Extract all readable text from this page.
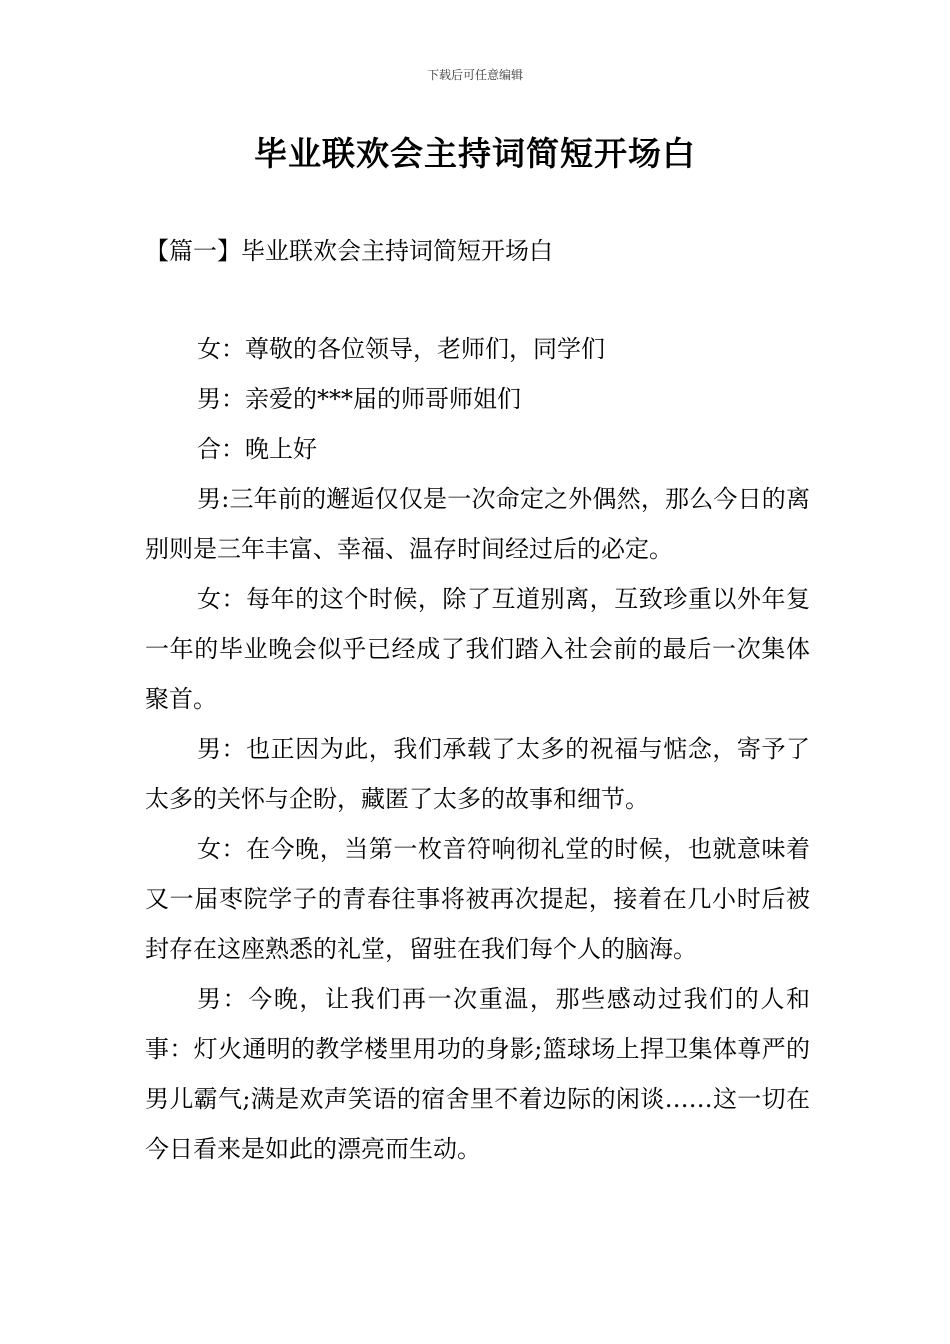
下载后可任意编辑
毕业联欢会主持词简短开场白
【篇一】毕业联欢会主持词简短开场白

女：尊敬的各位领导，老师们，同学们

男：亲爱的***届的师哥师姐们

合：晚上好

男:三年前的邂逅仅仅是一次命定之外偶然，那么今日的离别则是三年丰富、幸福、温存时间经过后的必定。

女：每年的这个时候，除了互道别离，互致珍重以外年复一年的毕业晚会似乎已经成了我们踏入社会前的最后一次集体聚首。

男：也正因为此，我们承载了太多的祝福与惦念，寄予了太多的关怀与企盼，藏匿了太多的故事和细节。

女：在今晚，当第一枚音符响彻礼堂的时候，也就意味着又一届枣院学子的青春往事将被再次提起，接着在几小时后被封存在这座熟悉的礼堂，留驻在我们每个人的脑海。

男：今晚，让我们再一次重温，那些感动过我们的人和事：灯火通明的教学楼里用功的身影;篮球场上捍卫集体尊严的男儿霸气;满是欢声笑语的宿舍里不着边际的闲谈……这一切在今日看来是如此的漂亮而生动。
